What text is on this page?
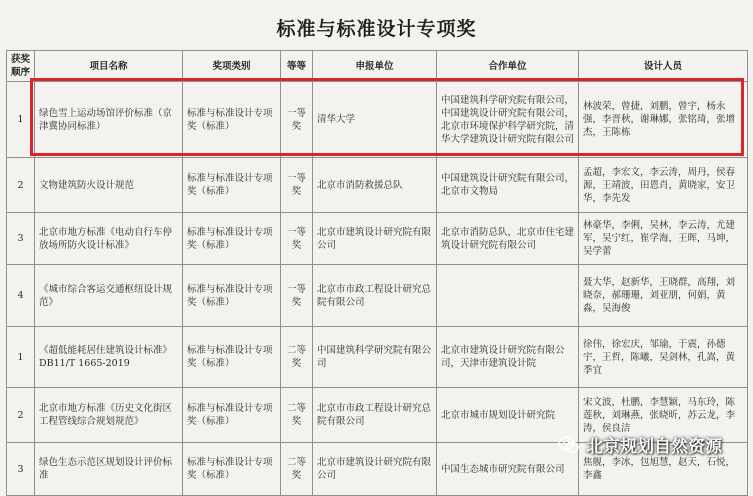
标准与标准设计专项奖
获奖顺序	项目名称	奖项类别	等等	申报单位	合作单位	设计人员
1	绿色雪上运动场馆评价标准（京津冀协同标准）	标准与标准设计专项奖（标准）	一等奖	清华大学	中国建筑科学研究院有限公司，中国建筑设计研究院有限公司，北京市环境保护科学研究院，清华大学建筑设计研究院有限公司	林波荣，曾捷，刘鹏，曾宇，杨永强，李晋秋，谢琳娜，张铭琦，张增杰，王陈栋
2	文物建筑防火设计规范	标准与标准设计专项奖（标准）	一等奖	北京市消防救援总队	中国建筑设计研究院有限公司，北京市文物局	孟超，李宏文，李云涛，周丹，侯春源，王靖波，田恩肖，黄晓家，安卫华，李先发
3	北京市地方标准《电动自行车停放场所防火设计标准》	标准与标准设计专项奖（标准）	一等奖	北京市建筑设计研究院有限公司	北京市消防总队，北京市住宅建筑设计研究院有限公司	林豪华，李俐，吴林，李云涛，尤建军，吴宁红，崔学海，王晖，马坤，吴学蕾
4	《城市综合客运交通枢纽设计规范》	标准与标准设计专项奖（标准）	一等奖	北京市市政工程设计研究总院有限公司		聂大华，赵新华，王晓群，高翔，刘晓奈，郝珊珊，刘亚朋，何娟，黄淼，吴海俊
1	《超低能耗居住建筑设计标准》DB11/T 1665-2019	标准与标准设计专项奖（标准）	二等奖	中国建筑科学研究院有限公司	北京市建筑设计研究院有限公司，天津市建筑设计院	徐伟，徐宏庆，邹瑜，于震，孙德宇，王哲，陈曦，吴剑林，孔嵩，黄季宜
2	北京市地方标准《历史文化街区工程管线综合规划规范》	标准与标准设计专项奖（标准）	二等奖	北京市市政工程设计研究总院有限公司	北京市城市规划设计研究院	宋文波，杜鹏，李慧颖，马东玲，陈莲秋，刘琳燕，张晓昕，苏云龙，李涛，侯良洁
3	绿色生态示范区规划设计评价标准	标准与标准设计专项奖（标准）	二等奖	北京市建筑设计研究院有限公司	中国生态城市研究院有限公司	焦舰，李冰，包旭慧，赵天，石悦，李鑫
北京规划自然资源
